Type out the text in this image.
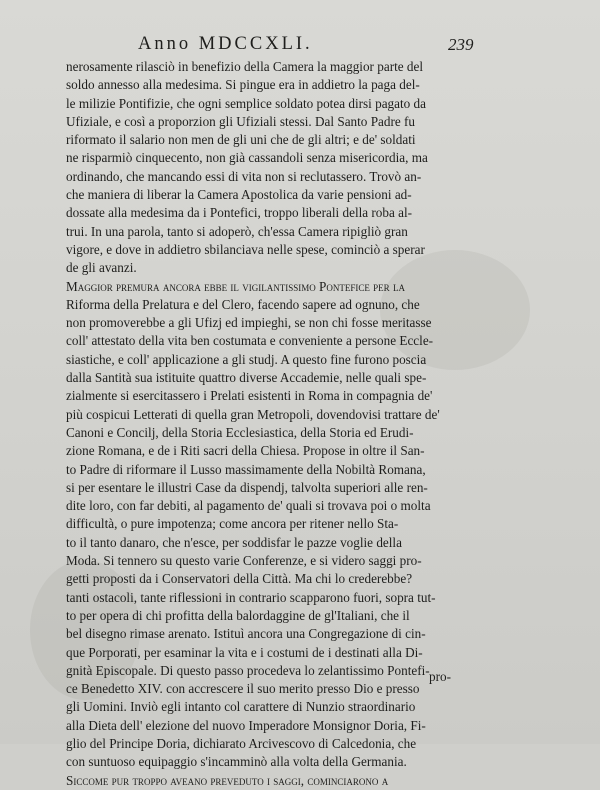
Anno MDCCXLI.	239
nerosamente rilasciò in benefizio della Camera la maggior parte del
soldo annesso alla medesima. Si pingue era in addietro la paga del-
le milizie Pontifizie, che ogni semplice soldato potea dirsi pagato da
Ufiziale, e così a proporzion gli Ufiziali stessi. Dal Santo Padre fu
riformato il salario non men de gli uni che de gli altri; e de' soldati
ne risparmiò cinquecento, non già cassandoli senza misericordia, ma
ordinando, che mancando essi di vita non si reclutassero. Trovò an-
che maniera di liberar la Camera Apostolica da varie pensioni ad-
dossate alla medesima da i Pontefici, troppo liberali della roba al-
trui. In una parola, tanto si adoperò, ch'essa Camera ripigliò gran
vigore, e dove in addietro sbilanciava nelle spese, cominciò a sperar
de gli avanzi.
Maggior premura ancora ebbe il vigilantissimo Pontefice per la
Riforma della Prelatura e del Clero, facendo sapere ad ognuno, che
non promoverebbe a gli Ufizj ed impieghi, se non chi fosse meritasse
coll' attestato della vita ben costumata e conveniente a persone Eccle-
siastiche, e coll' applicazione a gli studj. A questo fine furono poscia
dalla Santità sua istituite quattro diverse Accademie, nelle quali spe-
zialmente si esercitassero i Prelati esistenti in Roma in compagnia de'
più cospicui Letterati di quella gran Metropoli, dovendovisi trattare de'
Canoni e Concilj, della Storia Ecclesiastica, della Storia ed Erudi-
zione Romana, e de i Riti sacri della Chiesa. Propose in oltre il San-
to Padre di riformare il Lusso massimamente della Nobiltà Romana,
si per esentare le illustri Case da dispendj, talvolta superiori alle ren-
dite loro, con far debiti, al pagamento de' quali si trovava poi o molta
difficultà, o pure impotenza; come ancora per ritener nello Sta-
to il tanto danaro, che n'esce, per soddisfar le pazze voglie della
Moda. Si tennero su questo varie Conferenze, e si videro saggi pro-
getti proposti da i Conservatori della Città. Ma chi lo crederebbe?
tanti ostacoli, tante riflessioni in contrario scapparono fuori, sopra tut-
to per opera di chi profitta della balordaggine de gl'Italiani, che il
bel disegno rimase arenato. Istituì ancora una Congregazione di cin-
que Porporati, per esaminar la vita e i costumi de i destinati alla Di-
gnità Episcopale. Di questo passo procedeva lo zelantissimo Pontefi-
ce Benedetto XIV. con accrescere il suo merito presso Dio e presso
gli Uomini. Inviò egli intanto col carattere di Nunzio straordinario
alla Dieta dell' elezione del nuovo Imperadore Monsignor Doria, Fi-
glio del Principe Doria, dichiarato Arcivescovo di Calcedonia, che
con suntuoso equipaggio s'incamminò alla volta della Germania.
Siccome pur troppo aveano preveduto i saggi, cominciarono a
pro-
